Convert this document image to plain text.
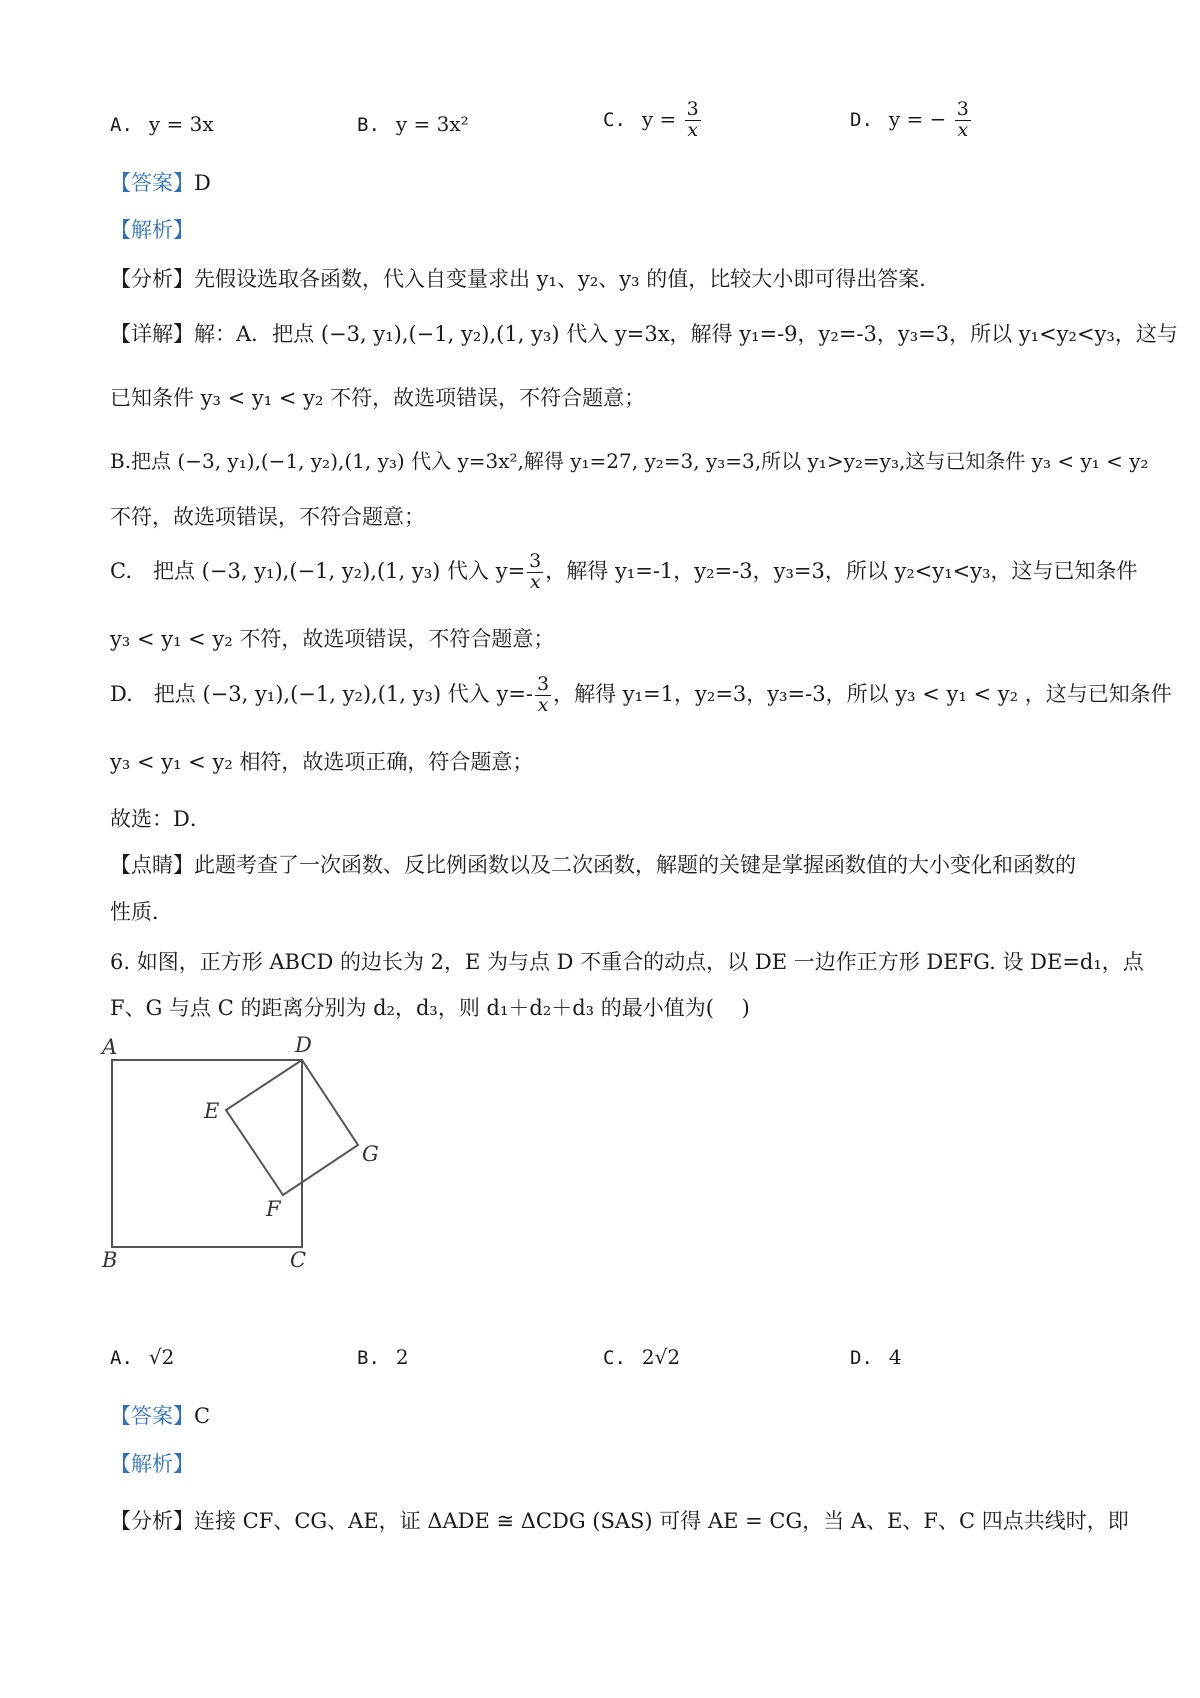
A. y = 3x	B. y = 3x²	C. $y = \frac{3}{x}$	D. y = − $\frac{3}{x}$
【答案】D
【解析】
【分析】先假设选取各函数，代入自变量求出 y₁、y₂、y₃ 的值，比较大小即可得出答案．
【详解】解：A．把点 (−3, y₁),(−1, y₂),(1, y₃) 代入 y=3x，解得 y₁=-9，y₂=-3，y₃=3，所以 y₁<y₂<y₃，这与
已知条件 y₃ < y₁ < y₂ 不符，故选项错误，不符合题意；
B.把点 (−3, y₁),(−1, y₂),(1, y₃) 代入 y=3x²,解得 y₁=27, y₂=3, y₃=3,所以 y₁>y₂=y₃,这与已知条件 y₃ < y₁ < y₂
不符，故选项错误，不符合题意；
C.　把点 (−3, y₁),(−1, y₂),(1, y₃) 代入 $y= \frac{3}{x}$ ，解得 y₁=-1，y₂=-3，y₃=3，所以 y₂<y₁<y₃，这与已知条件
y₃ < y₁ < y₂ 不符，故选项错误，不符合题意；
D.　把点 (−3, y₁),(−1, y₂),(1, y₃) 代入 $y=- \frac{3}{x}$ ，解得 y₁=1，y₂=3，y₃=-3，所以 y₃ < y₁ < y₂ ，这与已知条件
y₃ < y₁ < y₂ 相符，故选项正确，符合题意；
故选：D．
【点睛】此题考查了一次函数、反比例函数以及二次函数，解题的关键是掌握函数值的大小变化和函数的
性质．
6. 如图，正方形 ABCD 的边长为 2，E 为与点 D 不重合的动点，以 DE 一边作正方形 DEFG. 设 DE=d₁，点
F、G 与点 C 的距离分别为 d₂，d₃，则 d₁＋d₂＋d₃ 的最小值为(　 )
A	D
E
G
F
B	C
A. √2	B. 2	C. 2√2	D. 4
【答案】C
【解析】
【分析】连接 CF、CG、AE，证 ΔADE ≅ ΔCDG (SAS) 可得 AE = CG，当 A、E、F、C 四点共线时，即
